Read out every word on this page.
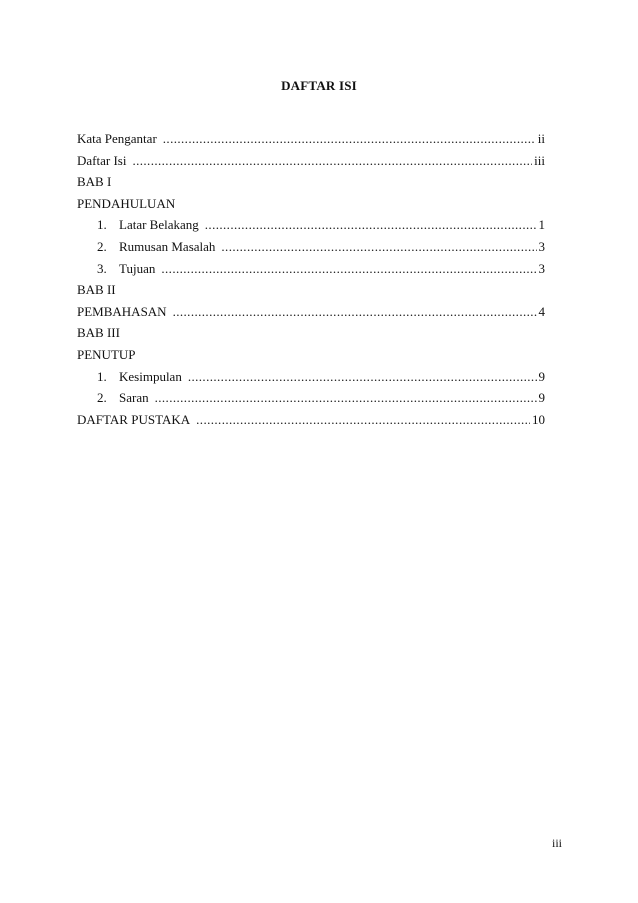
DAFTAR ISI
Kata Pengantar .....	ii
Daftar Isi .....	iii
BAB I
PENDAHULUAN
1. Latar Belakang .....	1
2. Rumusan Masalah .....	3
3. Tujuan .....	3
BAB II
PEMBAHASAN .....	4
BAB III
PENUTUP
1. Kesimpulan .....	9
2. Saran .....	9
DAFTAR PUSTAKA .....	10
iii
